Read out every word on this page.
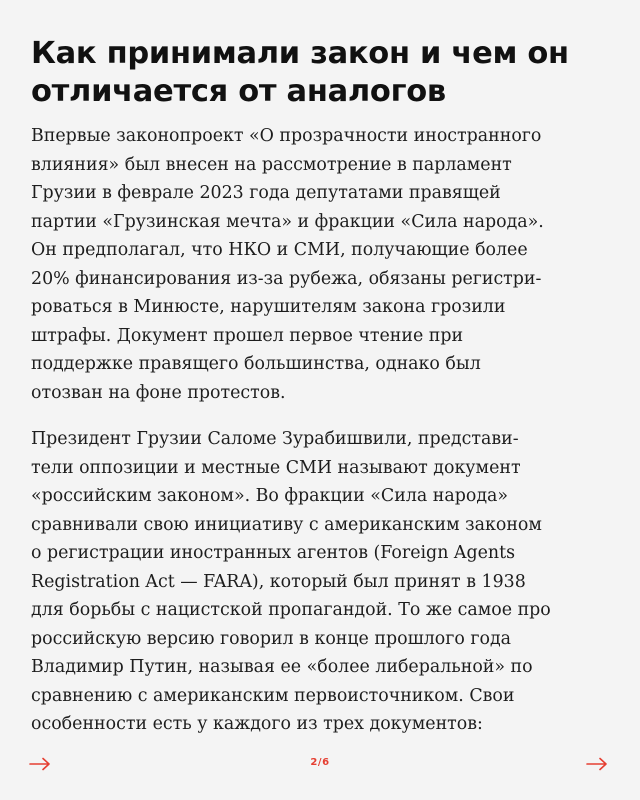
Как принимали закон и чем он
отличается от аналогов

Впервые законопроект «О прозрачности иностранного
влияния» был внесен на рассмотрение в парламент
Грузии в феврале 2023 года депутатами правящей
партии «Грузинская мечта» и фракции «Сила народа».
Он предполагал, что НКО и СМИ, получающие более
20% финансирования из-за рубежа, обязаны регистри-
роваться в Минюсте, нарушителям закона грозили
штрафы. Документ прошел первое чтение при
поддержке правящего большинства, однако был
отозван на фоне протестов.

Президент Грузии Саломе Зурабишвили, представи-
тели оппозиции и местные СМИ называют документ
«российским законом». Во фракции «Сила народа»
сравнивали свою инициативу с американским законом
о регистрации иностранных агентов (Foreign Agents
Registration Act — FARA), который был принят в 1938
для борьбы с нацистской пропагандой. То же самое про
российскую версию говорил в конце прошлого года
Владимир Путин, называя ее «более либеральной» по
сравнению с американским первоисточником. Свои
особенности есть у каждого из трех документов:

2/6
